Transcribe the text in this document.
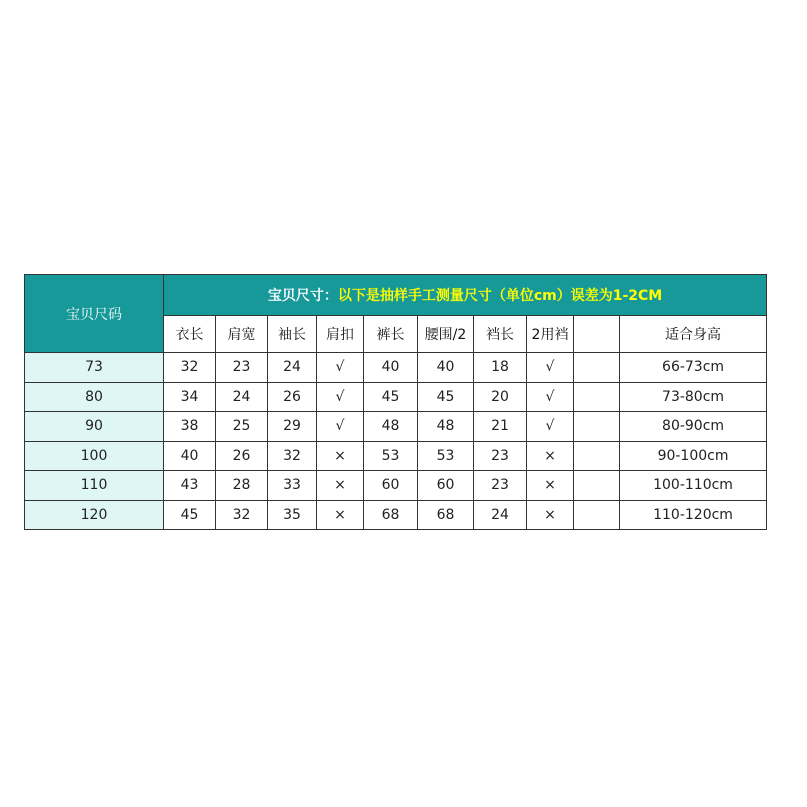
宝贝尺码	宝贝尺寸：以下是抽样手工测量尺寸（单位cm）误差为1-2CM									
	衣长	肩宽	袖长	肩扣	裤长	腰围/2	裆长	2用裆		适合身高
73	32	23	24	√	40	40	18	√		66-73cm
80	34	24	26	√	45	45	20	√		73-80cm
90	38	25	29	√	48	48	21	√		80-90cm
100	40	26	32	×	53	53	23	×		90-100cm
110	43	28	33	×	60	60	23	×		100-110cm
120	45	32	35	×	68	68	24	×		110-120cm
